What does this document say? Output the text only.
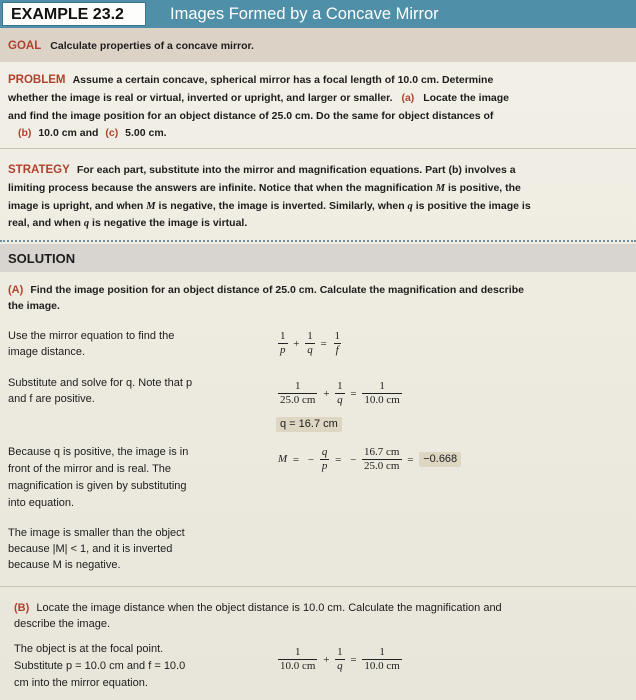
EXAMPLE 23.2	Images Formed by a Concave Mirror
GOAL Calculate properties of a concave mirror.
PROBLEM Assume a certain concave, spherical mirror has a focal length of 10.0 cm. Determine
whether the image is real or virtual, inverted or upright, and larger or smaller. (a) Locate the image
and find the image position for an object distance of 25.0 cm. Do the same for object distances of
(b) 10.0 cm and (c) 5.00 cm.
STRATEGY For each part, substitute into the mirror and magnification equations. Part (b) involves a
limiting process because the answers are infinite. Notice that when the magnification M is positive, the
image is upright, and when M is negative, the image is inverted. Similarly, when q is positive the image is
real, and when q is negative the image is virtual.
SOLUTION
(A) Find the image position for an object distance of 25.0 cm. Calculate the magnification and describe
the image.
Use the mirror equation to find the
image distance.	$\frac{1}{p} + \frac{1}{q} = \frac{1}{f}$
Substitute and solve for q. Note that p
and f are positive.	$\frac{1}{25.0 cm} + \frac{1}{q} = \frac{1}{10.0 cm}$
q = 16.7 cm
Because q is positive, the image is in
front of the mirror and is real. The
magnification is given by substituting
into equation.
M = − $\frac{q}{p}$ = − $\frac{16.7 cm}{25.0 cm} = -0.668$
The image is smaller than the object
because |M| < 1, and it is inverted
because M is negative.
(B) Locate the image distance when the object distance is 10.0 cm. Calculate the magnification and
describe the image.
The object is at the focal point.
Substitute p = 10.0 cm and f = 10.0
cm into the mirror equation.
$\frac{1}{10.0 cm} + \frac{1}{q} = \frac{1}{10.0 cm}$
